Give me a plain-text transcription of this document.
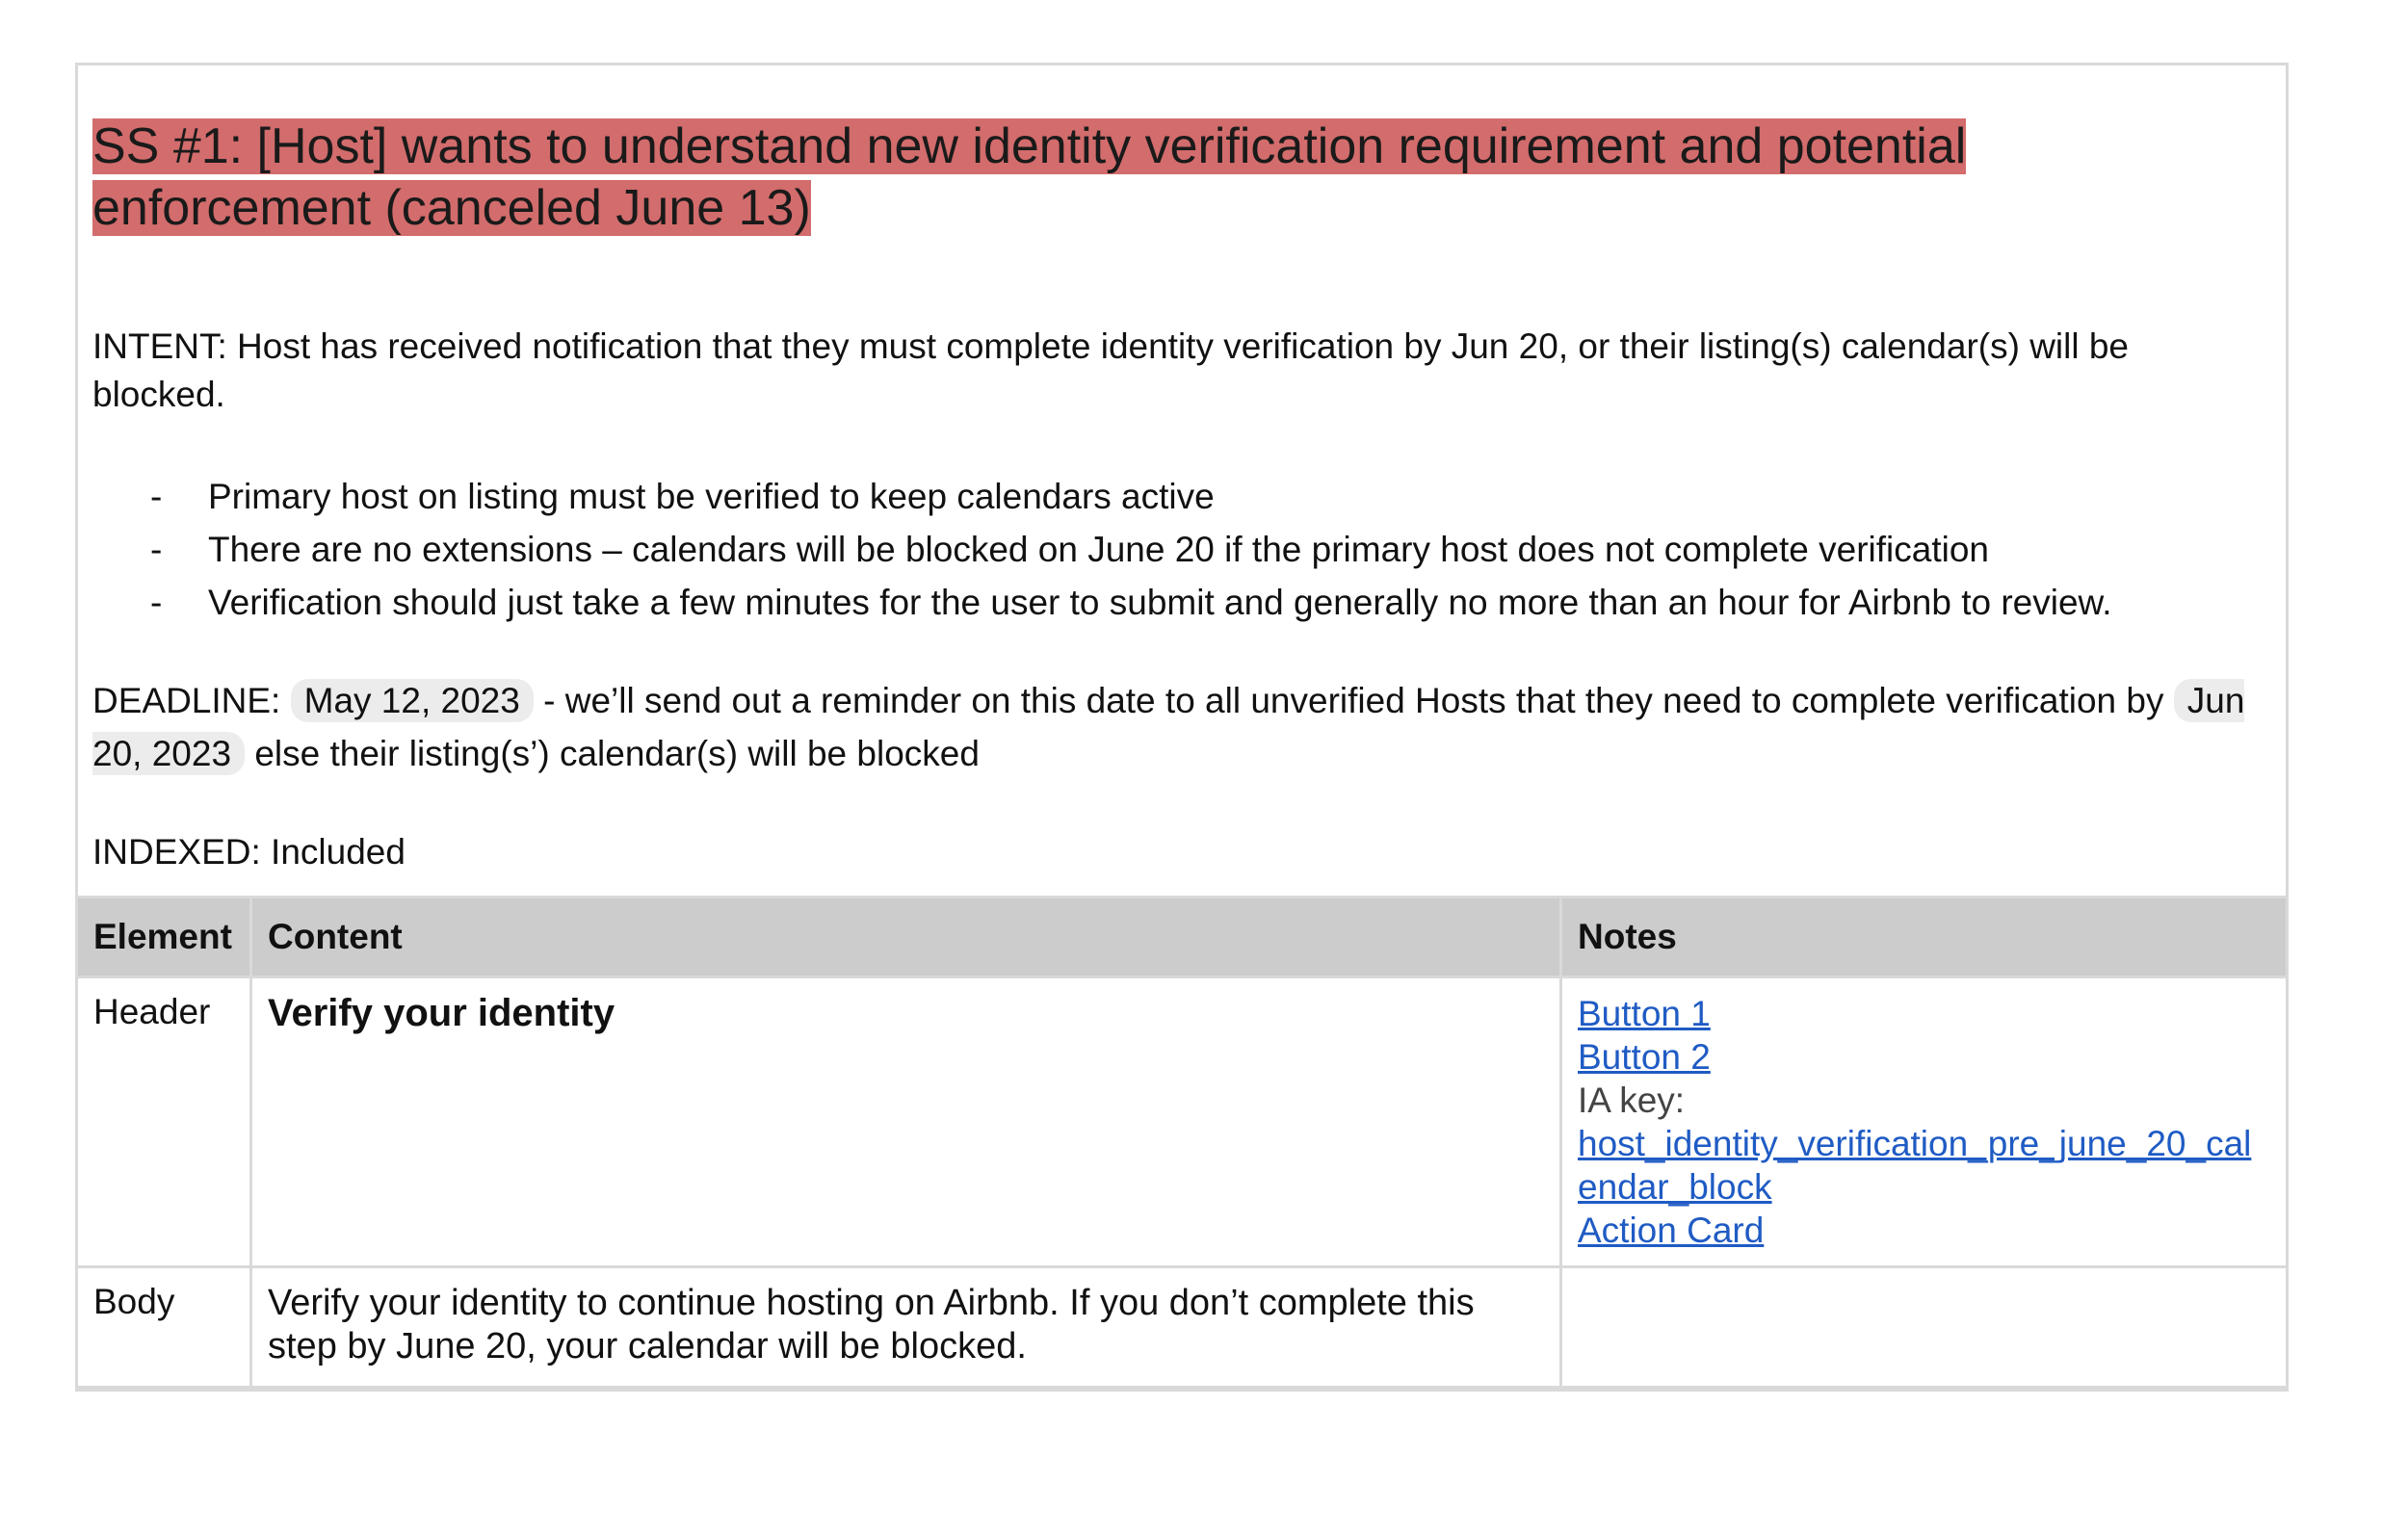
SS #1: [Host] wants to understand new identity verification requirement and potential enforcement (canceled June 13)
INTENT: Host has received notification that they must complete identity verification by Jun 20, or their listing(s) calendar(s) will be blocked.
- Primary host on listing must be verified to keep calendars active
- There are no extensions – calendars will be blocked on June 20 if the primary host does not complete verification
- Verification should just take a few minutes for the user to submit and generally no more than an hour for Airbnb to review.
DEADLINE: May 12, 2023 - we’ll send out a reminder on this date to all unverified Hosts that they need to complete verification by Jun 20, 2023 else their listing(s’) calendar(s) will be blocked
INDEXED: Included
Element	Content	Notes
Header	Verify your identity	Button 1
Button 2
IA key:
host_identity_verification_pre_june_20_calendar_block
Action Card

Body	Verify your identity to continue hosting on Airbnb. If you don’t complete this step by June 20, your calendar will be blocked.	
